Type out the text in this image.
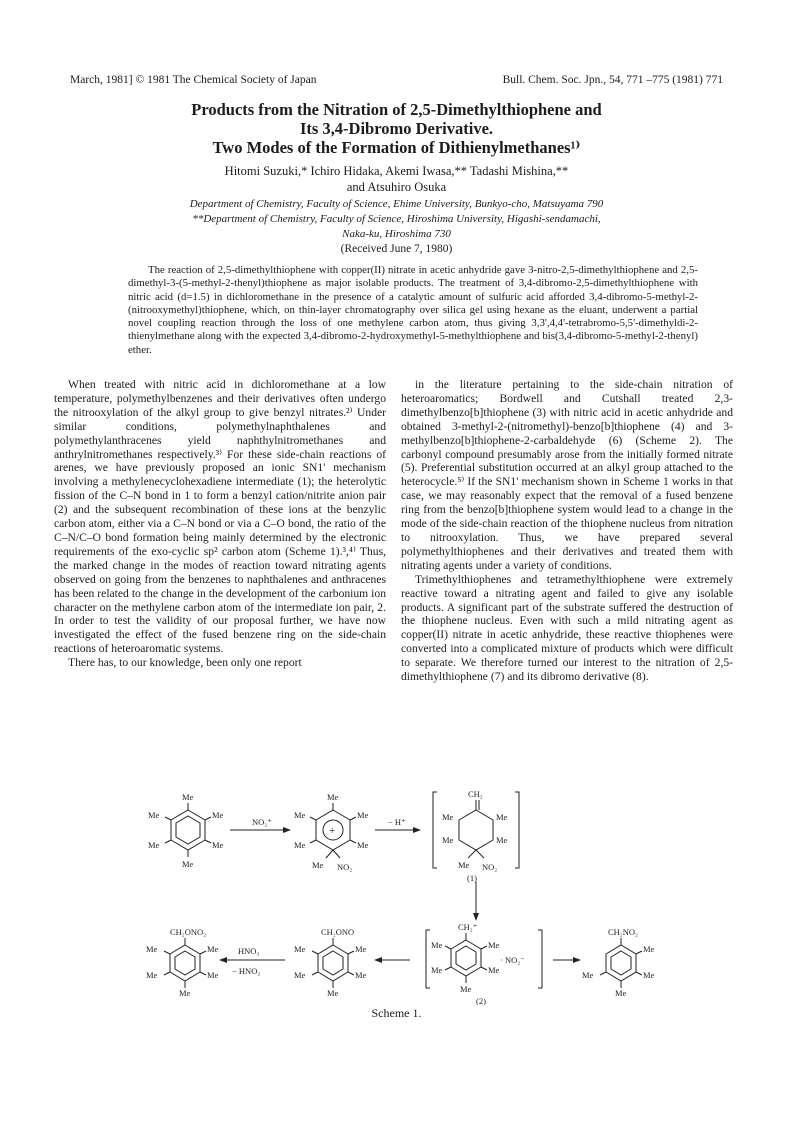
March, 1981] © 1981 The Chemical Society of Japan	Bull. Chem. Soc. Jpn., 54, 771 –775 (1981) 771
Products from the Nitration of 2,5-Dimethylthiophene and
Its 3,4-Dibromo Derivative.
Two Modes of the Formation of Dithienylmethanes¹⁾
Hitomi Suzuki,* Ichiro Hidaka, Akemi Iwasa,** Tadashi Mishina,**
and Atsuhiro Osuka
Department of Chemistry, Faculty of Science, Ehime University, Bunkyo-cho, Matsuyama 790
**Department of Chemistry, Faculty of Science, Hiroshima University, Higashi-sendamachi,
Naka-ku, Hiroshima 730
(Received June 7, 1980)

The reaction of 2,5-dimethylthiophene with copper(II) nitrate in acetic anhydride gave 3-nitro-2,5-dimethylthiophene and 2,5-dimethyl-3-(5-methyl-2-thenyl)thiophene as major isolable products. The treatment of 3,4-dibromo-2,5-dimethylthiophene with nitric acid (d=1.5) in dichloromethane in the presence of a catalytic amount of sulfuric acid afforded 3,4-dibromo-5-methyl-2-(nitrooxymethyl)thiophene, which, on thin-layer chromatography over silica gel using hexane as the eluant, underwent a partial novel coupling reaction through the loss of one methylene carbon atom, thus giving 3,3',4,4'-tetrabromo-5,5'-dimethyldi-2-thienylmethane along with the expected 3,4-dibromo-2-hydroxymethyl-5-methylthiophene and bis(3,4-dibromo-5-methyl-2-thenyl) ether.

When treated with nitric acid in dichloromethane at a low temperature, polymethylbenzenes and their derivatives often undergo the nitrooxylation of the alkyl group to give benzyl nitrates.²⁾ Under similar conditions, polymethylnaphthalenes and polymethylanthracenes yield naphthylnitromethanes and anthrylnitromethanes respectively.³⁾ For these side-chain reactions of arenes, we have previously proposed an ionic SN1' mechanism involving a methylenecyclohexadiene intermediate (1); the heterolytic fission of the C–N bond in 1 to form a benzyl cation/nitrite anion pair (2) and the subsequent recombination of these ions at the benzylic carbon atom, either via a C–N bond or via a C–O bond, the ratio of the C–N/C–O bond formation being mainly determined by the electronic requirements of the exo-cyclic sp² carbon atom (Scheme 1).³,⁴⁾ Thus, the marked change in the modes of reaction toward nitrating agents observed on going from the benzenes to naphthalenes and anthracenes has been related to the change in the development of the carbonium ion character on the methylene carbon atom of the intermediate ion pair, 2. In order to test the validity of our proposal further, we have now investigated the effect of the fused benzene ring on the side-chain reactions of heteroaromatic systems.

There has, to our knowledge, been only one report

in the literature pertaining to the side-chain nitration of heteroaromatics; Bordwell and Cutshall treated 2,3-dimethylbenzo[b]thiophene (3) with nitric acid in acetic anhydride and obtained 3-methyl-2-(nitromethyl)-benzo[b]thiophene (4) and 3-methylbenzo[b]thiophene-2-carbaldehyde (6) (Scheme 2). The carbonyl compound presumably arose from the initially formed nitrate (5). Preferential substitution occurred at an alkyl group attached to the heterocycle.⁵⁾ If the SN1' mechanism shown in Scheme 1 works in that case, we may reasonably expect that the removal of a fused benzene ring from the benzo[b]thiophene system would lead to a change in the mode of the side-chain reaction of the thiophene nucleus from nitration to nitrooxylation. Thus, we have prepared several polymethylthiophenes and their derivatives and treated them with nitrating agents under a variety of conditions.

Trimethylthiophenes and tetramethylthiophene were extremely reactive toward a nitrating agent and failed to give any isolable products. A significant part of the substrate suffered the destruction of the thiophene nucleus. Even with such a mild nitrating agent as copper(II) nitrate in acetic anhydride, these reactive thiophenes were converted into a complicated mixture of products which were difficult to separate. We therefore turned our interest to the nitration of 2,5-dimethylthiophene (7) and its dibromo derivative (8).

Me
Me
Me
Me
Me
Me
NO₂⁺
Me
Me
Me
Me
Me
Me NO₂
+
− H⁺
CH₂
Me	Me
Me	Me
Me NO₂
(1)
CH₂⁺
Me	Me
Me	Me
Me
· NO₂⁻
(2)
CH₂NO₂
Me
Me
Me
Me
CH₂ONO
Me
Me
Me
Me
Me
HNO₃
− HNO₂
CH₂ONO₂
Me
Me
Me
Me
Me
Scheme 1.
